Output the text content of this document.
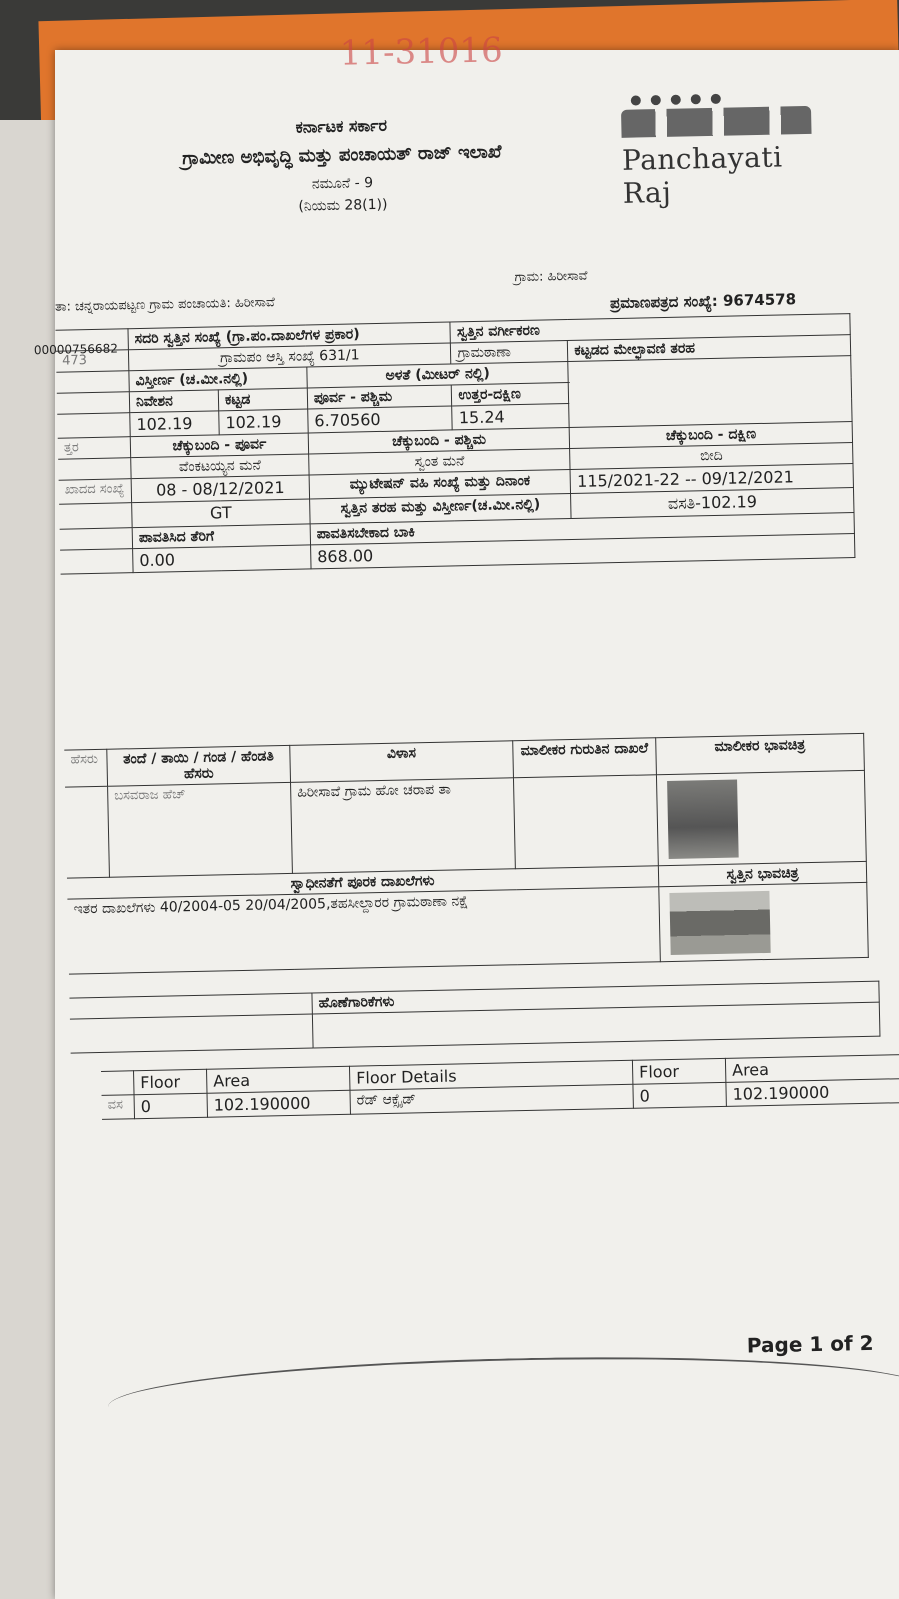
11-31016
ಕರ್ನಾಟಕ ಸರ್ಕಾರ
ಗ್ರಾಮೀಣ ಅಭಿವೃದ್ಧಿ ಮತ್ತು ಪಂಚಾಯತ್ ರಾಜ್ ಇಲಾಖೆ
ನಮೂನೆ - 9
(ನಿಯಮ 28(1))
Panchayati Raj
ತಾ: ಚನ್ನರಾಯಪಟ್ಟಣ ಗ್ರಾಮ ಪಂಚಾಯತಿ: ಹಿರೀಸಾವೆ
ಗ್ರಾಮ: ಹಿರೀಸಾವೆ
ಪ್ರಮಾಣಪತ್ರದ ಸಂಖ್ಯೆ: 9674578
00000756682
	ಸದರಿ ಸ್ವತ್ತಿನ ಸಂಖ್ಯೆ (ಗ್ರಾ.ಪಂ.ದಾಖಲೆಗಳ ಪ್ರಕಾರ)			ಸ್ವತ್ತಿನ ವರ್ಗೀಕರಣ	
473	ಗ್ರಾಮಪಂ ಆಸ್ತಿ ಸಂಖ್ಯೆ 631/1			ಗ್ರಾಮಠಾಣಾ	ಕಟ್ಟಡದ ಮೇಲ್ಛಾವಣಿ ತರಹ
	ವಿಸ್ತೀರ್ಣ (ಚ.ಮೀ.ನಲ್ಲಿ)		ಅಳತೆ (ಮೀಟರ್ ನಲ್ಲಿ)		
	ನಿವೇಶನ	ಕಟ್ಟಡ	ಪೂರ್ವ - ಪಶ್ಚಿಮ	ಉತ್ತರ-ದಕ್ಷಿಣ	
	102.19	102.19	6.70560	15.24	
ತ್ತರ	ಚೆಕ್ಕುಬಂದಿ - ಪೂರ್ವ		ಚೆಕ್ಕುಬಂದಿ - ಪಶ್ಚಿಮ		ಚೆಕ್ಕುಬಂದಿ - ದಕ್ಷಿಣ
	ವೆಂಕಟಯ್ಯನ ಮನೆ		ಸ್ವಂತ ಮನೆ		ಬೀದಿ
ಖಾದದ ಸಂಖ್ಯೆ	08 - 08/12/2021		ಮ್ಯುಟೇಷನ್ ವಹಿ ಸಂಖ್ಯೆ ಮತ್ತು ದಿನಾಂಕ		115/2021-22 -- 09/12/2021
	GT		ಸ್ವತ್ತಿನ ತರಹ ಮತ್ತು ವಿಸ್ತೀರ್ಣ(ಚ.ಮೀ.ನಲ್ಲಿ)		ವಸತಿ-102.19
	ಪಾವತಿಸಿದ ತೆರಿಗೆ		ಪಾವತಿಸಬೇಕಾದ ಬಾಕಿ		
	0.00		868.00		
ಹೆಸರು	ತಂದೆ / ತಾಯಿ / ಗಂಡ / ಹೆಂಡತಿ ಹೆಸರು	ವಿಳಾಸ	ಮಾಲೀಕರ ಗುರುತಿನ ದಾಖಲೆ	ಮಾಲೀಕರ ಭಾವಚಿತ್ರ
	ಬಸವರಾಜ ಹೆಚ್	ಹಿರೀಸಾವೆ ಗ್ರಾಮ ಹೋ ಚರಾಪ ತಾ		

ಸ್ವಾಧೀನತೆಗೆ ಪೂರಕ ದಾಖಲೆಗಳು				ಸ್ವತ್ತಿನ ಭಾವಚಿತ್ರ
ಇತರ ದಾಖಲೆಗಳು 40/2004-05 20/04/2005,ತಹಸೀಲ್ದಾರರ ಗ್ರಾಮಠಾಣಾ ನಕ್ಷೆ				
	ಹೊಣೆಗಾರಿಕೆಗಳು

	Floor	Area	Floor Details	Floor	Area
ವಸ	0	102.190000	ರೆಡ್ ಆಕ್ಸೈಡ್	0	102.190000
Page 1 of 2
